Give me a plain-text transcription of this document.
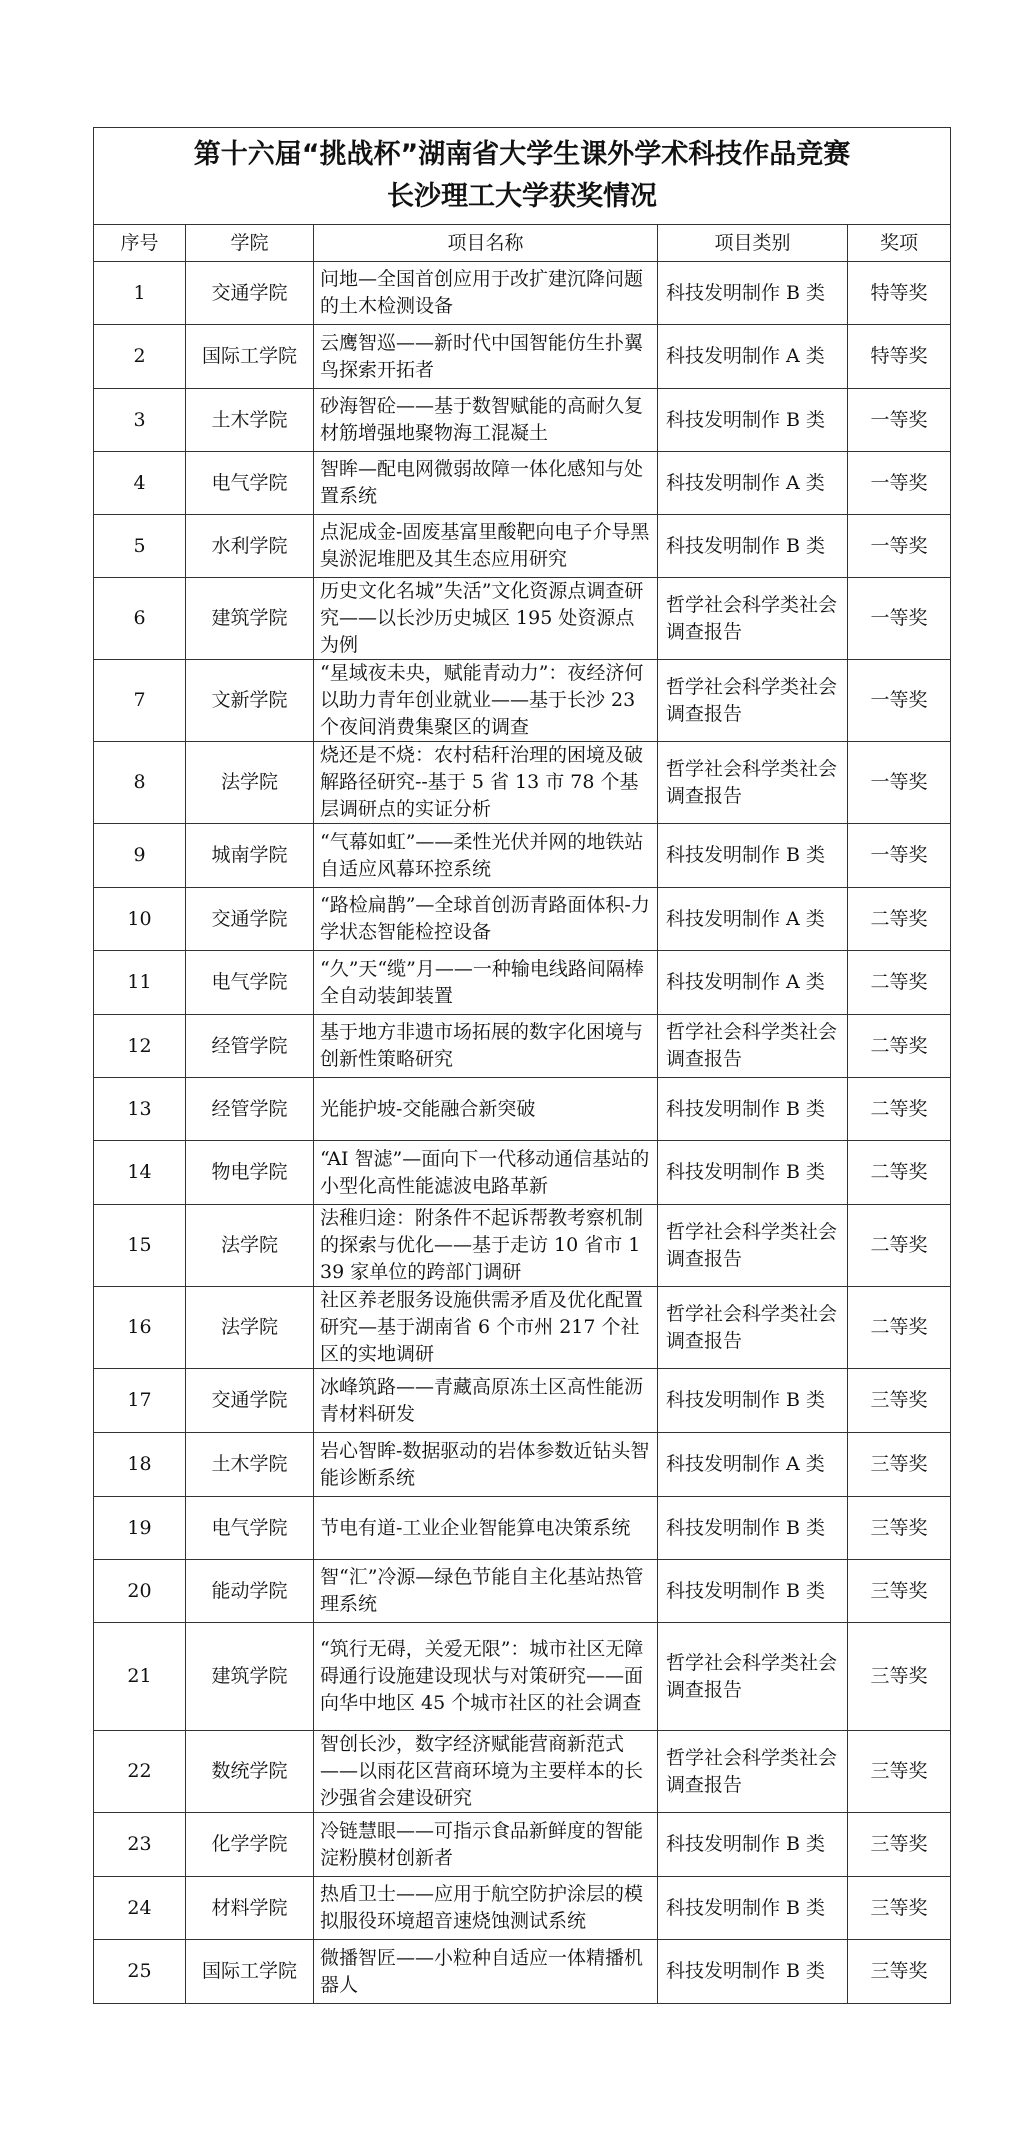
第十六届“挑战杯”湖南省大学生课外学术科技作品竞赛
长沙理工大学获奖情况				

序号	学院	项目名称	项目类别	奖项
1	交通学院	问地—全国首创应用于改扩建沉降问题的土木检测设备	科技发明制作 B 类	特等奖
2	国际工学院	云鹰智巡——新时代中国智能仿生扑翼鸟探索开拓者	科技发明制作 A 类	特等奖
3	土木学院	砂海智砼——基于数智赋能的高耐久复材筋增强地聚物海工混凝土	科技发明制作 B 类	一等奖
4	电气学院	智眸—配电网微弱故障一体化感知与处置系统	科技发明制作 A 类	一等奖
5	水利学院	点泥成金-固废基富里酸靶向电子介导黑臭淤泥堆肥及其生态应用研究	科技发明制作 B 类	一等奖
6	建筑学院	历史文化名城”失活”文化资源点调查研究——以长沙历史城区 195 处资源点为例	哲学社会科学类社会调查报告	一等奖
7	文新学院	“星域夜未央，赋能青动力”：夜经济何以助力青年创业就业——基于长沙 23 个夜间消费集聚区的调查	哲学社会科学类社会调查报告	一等奖
8	法学院	烧还是不烧：农村秸秆治理的困境及破解路径研究--基于 5 省 13 市 78 个基层调研点的实证分析	哲学社会科学类社会调查报告	一等奖
9	城南学院	“气幕如虹”——柔性光伏并网的地铁站自适应风幕环控系统	科技发明制作 B 类	一等奖
10	交通学院	“路检扁鹊”—全球首创沥青路面体积-力学状态智能检控设备	科技发明制作 A 类	二等奖
11	电气学院	“久”天“缆”月——一种输电线路间隔棒全自动装卸装置	科技发明制作 A 类	二等奖
12	经管学院	基于地方非遗市场拓展的数字化困境与创新性策略研究	哲学社会科学类社会调查报告	二等奖
13	经管学院	光能护坡-交能融合新突破	科技发明制作 B 类	二等奖
14	物电学院	“AI 智滤”—面向下一代移动通信基站的小型化高性能滤波电路革新	科技发明制作 B 类	二等奖
15	法学院	法稚归途：附条件不起诉帮教考察机制的探索与优化——基于走访 10 省市 139 家单位的跨部门调研	哲学社会科学类社会调查报告	二等奖
16	法学院	社区养老服务设施供需矛盾及优化配置研究—基于湖南省 6 个市州 217 个社区的实地调研	哲学社会科学类社会调查报告	二等奖
17	交通学院	冰峰筑路——青藏高原冻土区高性能沥青材料研发	科技发明制作 B 类	三等奖
18	土木学院	岩心智眸-数据驱动的岩体参数近钻头智能诊断系统	科技发明制作 A 类	三等奖
19	电气学院	节电有道-工业企业智能算电决策系统	科技发明制作 B 类	三等奖
20	能动学院	智“汇”冷源—绿色节能自主化基站热管理系统	科技发明制作 B 类	三等奖
21	建筑学院	“筑行无碍，关爱无限”：城市社区无障碍通行设施建设现状与对策研究——面向华中地区 45 个城市社区的社会调查	哲学社会科学类社会调查报告	三等奖
22	数统学院	智创长沙，数字经济赋能营商新范式——以雨花区营商环境为主要样本的长沙强省会建设研究	哲学社会科学类社会调查报告	三等奖
23	化学学院	冷链慧眼——可指示食品新鲜度的智能淀粉膜材创新者	科技发明制作 B 类	三等奖
24	材料学院	热盾卫士——应用于航空防护涂层的模拟服役环境超音速烧蚀测试系统	科技发明制作 B 类	三等奖
25	国际工学院	微播智匠——小粒种自适应一体精播机器人	科技发明制作 B 类	三等奖
